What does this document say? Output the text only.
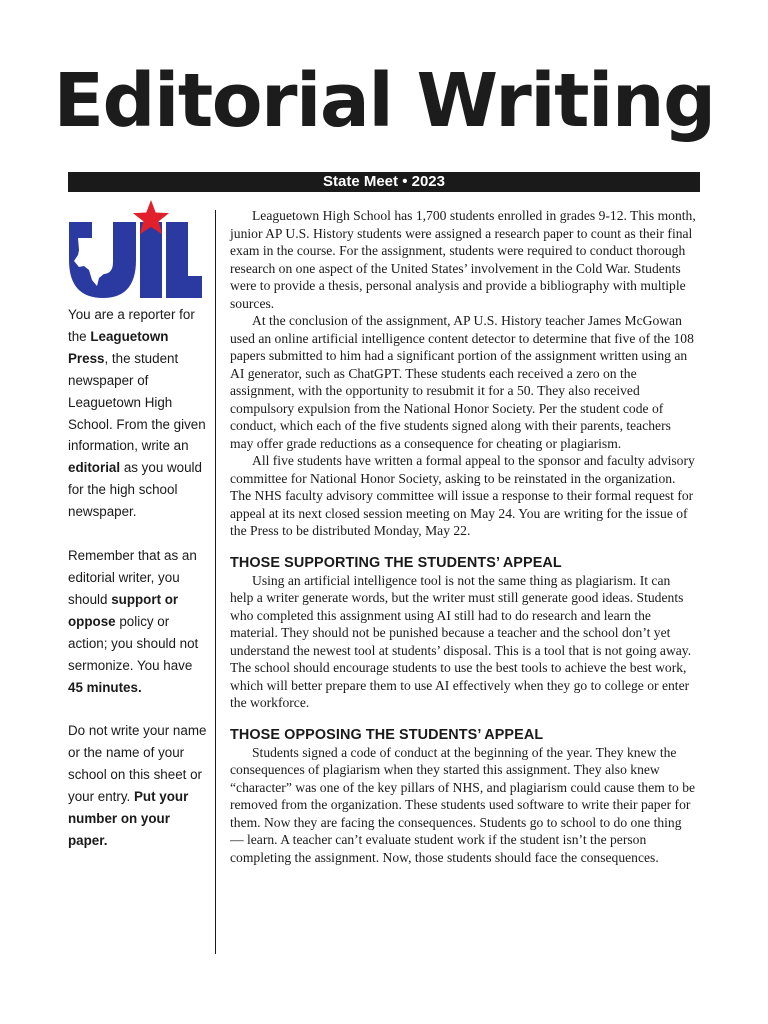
Editorial Writing
State Meet • 2023

You are a reporter for the Leaguetown Press, the student newspaper of Leaguetown High School. From the given information, write an editorial as you would for the high school newspaper.

Remember that as an editorial writer, you should support or oppose policy or action; you should not sermonize. You have 45 minutes.

Do not write your name or the name of your school on this sheet or your entry. Put your number on your paper.

Leaguetown High School has 1,700 students enrolled in grades 9-12. This month, junior AP U.S. History students were assigned a research paper to count as their final exam in the course. For the assignment, students were required to conduct thorough research on one aspect of the United States’ involvement in the Cold War. Students were to provide a thesis, personal analysis and provide a bibliography with multiple sources.

At the conclusion of the assignment, AP U.S. History teacher James McGowan used an online artificial intelligence content detector to determine that five of the 108 papers submitted to him had a significant portion of the assignment written using an AI generator, such as ChatGPT. These students each received a zero on the assignment, with the opportunity to resubmit it for a 50. They also received compulsory expulsion from the National Honor Society. Per the student code of conduct, which each of the five students signed along with their parents, teachers may offer grade reductions as a consequence for cheating or plagiarism.

All five students have written a formal appeal to the sponsor and faculty advisory committee for National Honor Society, asking to be reinstated in the organization. The NHS faculty advisory committee will issue a response to their formal request for appeal at its next closed session meeting on May 24. You are writing for the issue of the Press to be distributed Monday, May 22.

THOSE SUPPORTING THE STUDENTS’ APPEAL

Using an artificial intelligence tool is not the same thing as plagiarism. It can help a writer generate words, but the writer must still generate good ideas. Students who completed this assignment using AI still had to do research and learn the material. They should not be punished because a teacher and the school don’t yet understand the newest tool at students’ disposal. This is a tool that is not going away. The school should encourage students to use the best tools to achieve the best work, which will better prepare them to use AI effectively when they go to college or enter the workforce.

THOSE OPPOSING THE STUDENTS’ APPEAL

Students signed a code of conduct at the beginning of the year. They knew the consequences of plagiarism when they started this assignment. They also knew “character” was one of the key pillars of NHS, and plagiarism could cause them to be removed from the organization. These students used software to write their paper for them. Now they are facing the consequences. Students go to school to do one thing — learn. A teacher can’t evaluate student work if the student isn’t the person completing the assignment. Now, those students should face the consequences.
